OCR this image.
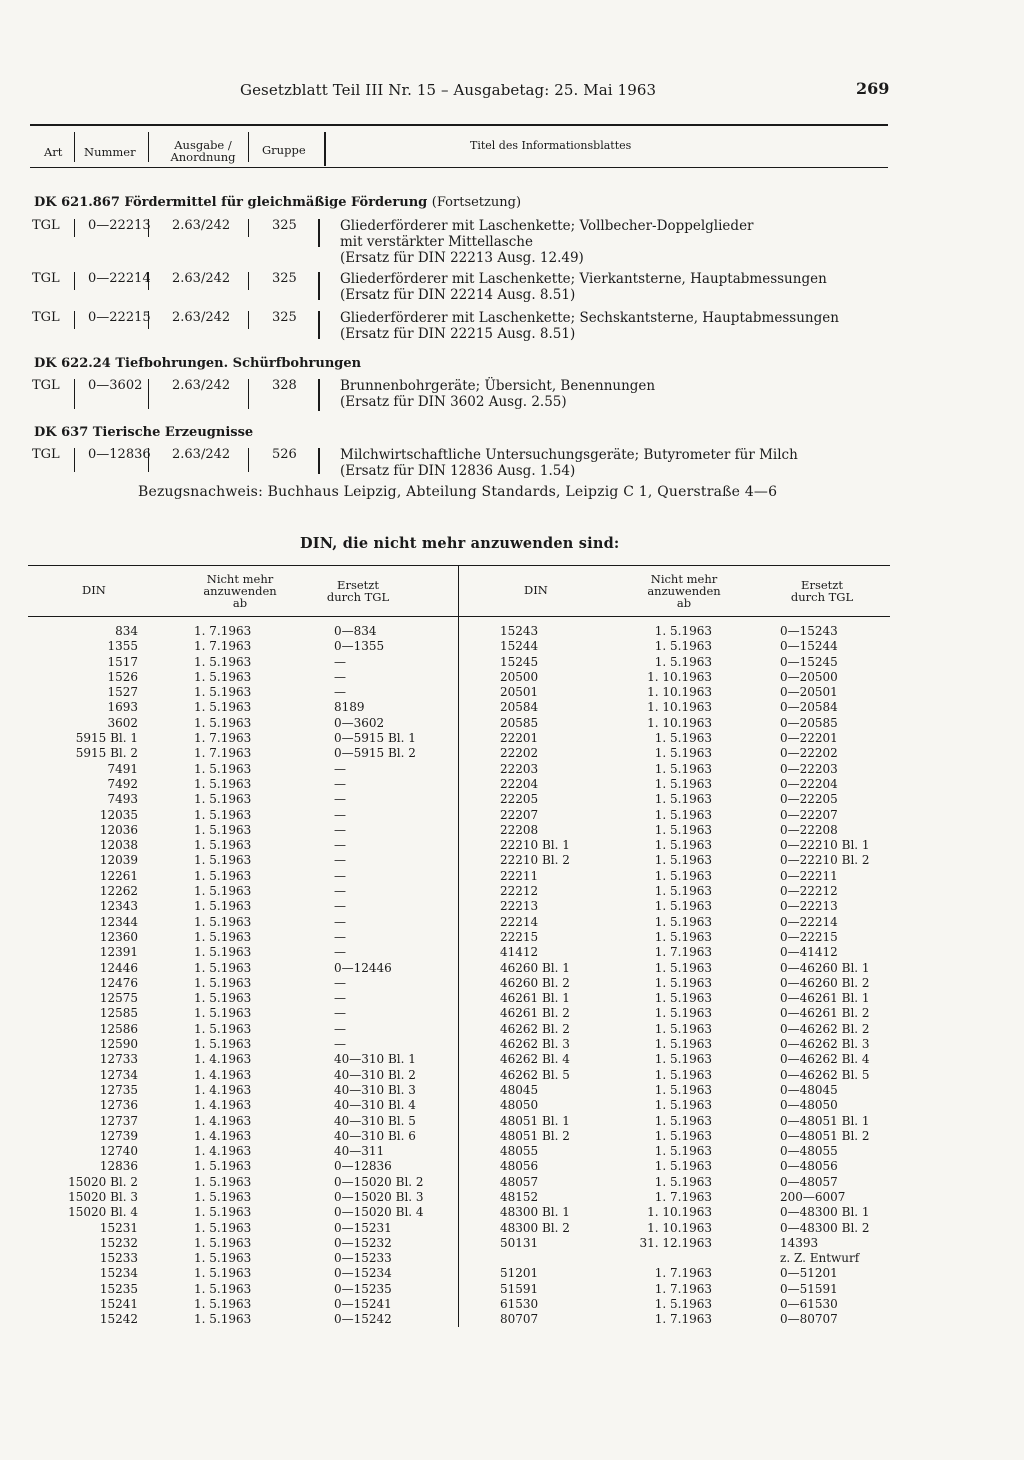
Gesetzblatt Teil III Nr. 15 – Ausgabetag: 25. Mai 1963	269
Art Nummer	Ausgabe /
Anordnung	Gruppe	Titel des Informationsblattes
DK 621.867 Fördermittel für gleichmäßige Förderung (Fortsetzung)
TGL 0—22213 2.63/242	325	Gliederförderer mit Laschenkette; Vollbecher-Doppelglieder
mit verstärkter Mittellasche
(Ersatz für DIN 22213 Ausg. 12.49)
TGL 0—22214 2.63/242	325	Gliederförderer mit Laschenkette; Vierkantsterne, Hauptabmessungen
(Ersatz für DIN 22214 Ausg. 8.51)
TGL 0—22215 2.63/242	325	Gliederförderer mit Laschenkette; Sechskantsterne, Hauptabmessungen
(Ersatz für DIN 22215 Ausg. 8.51)
DK 622.24 Tiefbohrungen. Schürfbohrungen
TGL 0—3602 2.63/242	328	Brunnenbohrgeräte; Übersicht, Benennungen
(Ersatz für DIN 3602 Ausg. 2.55)
DK 637 Tierische Erzeugnisse
TGL 0—12836 2.63/242	526	Milchwirtschaftliche Untersuchungsgeräte; Butyrometer für Milch
(Ersatz für DIN 12836 Ausg. 1.54)
Bezugsnachweis: Buchhaus Leipzig, Abteilung Standards, Leipzig C 1, Querstraße 4—6
DIN, die nicht mehr anzuwenden sind:
DIN
Nicht mehr
anzuwenden
ab
Ersetzt
durch TGL	DIN
Nicht mehr
anzuwenden
ab
Ersetzt
durch TGL
834	1. 7.1963	0—834
1355	1. 7.1963	0—1355
1517	1. 5.1963	—
1526	1. 5.1963	—
1527	1. 5.1963	—
1693	1. 5.1963	8189
3602	1. 5.1963	0—3602
5915 Bl. 1	1. 7.1963	0—5915 Bl. 1
5915 Bl. 2	1. 7.1963	0—5915 Bl. 2
7491	1. 5.1963	—
7492	1. 5.1963	—
7493	1. 5.1963	—
12035	1. 5.1963	—
12036	1. 5.1963	—
12038	1. 5.1963	—
12039	1. 5.1963	—
12261	1. 5.1963	—
12262	1. 5.1963	—
12343	1. 5.1963	—
12344	1. 5.1963	—
12360	1. 5.1963	—
12391	1. 5.1963	—
12446	1. 5.1963	0—12446
12476	1. 5.1963	—
12575	1. 5.1963	—
12585	1. 5.1963	—
12586	1. 5.1963	—
12590	1. 5.1963	—
12733	1. 4.1963	40—310 Bl. 1
12734	1. 4.1963	40—310 Bl. 2
12735	1. 4.1963	40—310 Bl. 3
12736	1. 4.1963	40—310 Bl. 4
12737	1. 4.1963	40—310 Bl. 5
12739	1. 4.1963	40—310 Bl. 6
12740	1. 4.1963	40—311
12836	1. 5.1963	0—12836
15020 Bl. 2	1. 5.1963	0—15020 Bl. 2
15020 Bl. 3	1. 5.1963	0—15020 Bl. 3
15020 Bl. 4	1. 5.1963	0—15020 Bl. 4
15231	1. 5.1963	0—15231
15232	1. 5.1963	0—15232
15233	1. 5.1963	0—15233
15234	1. 5.1963	0—15234
15235	1. 5.1963	0—15235
15241	1. 5.1963	0—15241
15242	1. 5.1963	0—15242
15243	1. 5.1963	0—15243
15244	1. 5.1963	0—15244
15245	1. 5.1963	0—15245
20500	1. 10.1963	0—20500
20501	1. 10.1963	0—20501
20584	1. 10.1963	0—20584
20585	1. 10.1963	0—20585
22201	1. 5.1963	0—22201
22202	1. 5.1963	0—22202
22203	1. 5.1963	0—22203
22204	1. 5.1963	0—22204
22205	1. 5.1963	0—22205
22207	1. 5.1963	0—22207
22208	1. 5.1963	0—22208
22210 Bl. 1	1. 5.1963	0—22210 Bl. 1
22210 Bl. 2	1. 5.1963	0—22210 Bl. 2
22211	1. 5.1963	0—22211
22212	1. 5.1963	0—22212
22213	1. 5.1963	0—22213
22214	1. 5.1963	0—22214
22215	1. 5.1963	0—22215
41412	1. 7.1963	0—41412
46260 Bl. 1	1. 5.1963	0—46260 Bl. 1
46260 Bl. 2	1. 5.1963	0—46260 Bl. 2
46261 Bl. 1	1. 5.1963	0—46261 Bl. 1
46261 Bl. 2	1. 5.1963	0—46261 Bl. 2
46262 Bl. 2	1. 5.1963	0—46262 Bl. 2
46262 Bl. 3	1. 5.1963	0—46262 Bl. 3
46262 Bl. 4	1. 5.1963	0—46262 Bl. 4
46262 Bl. 5	1. 5.1963	0—46262 Bl. 5
48045	1. 5.1963	0—48045
48050	1. 5.1963	0—48050
48051 Bl. 1	1. 5.1963	0—48051 Bl. 1
48051 Bl. 2	1. 5.1963	0—48051 Bl. 2
48055	1. 5.1963	0—48055
48056	1. 5.1963	0—48056
48057	1. 5.1963	0—48057
48152	1. 7.1963	200—6007
48300 Bl. 1	1. 10.1963	0—48300 Bl. 1
48300 Bl. 2	1. 10.1963	0—48300 Bl. 2
50131	31. 12.1963	14393
z. Z. Entwurf
51201	1. 7.1963	0—51201
51591	1. 7.1963	0—51591
61530	1. 5.1963	0—61530
80707	1. 7.1963	0—80707
